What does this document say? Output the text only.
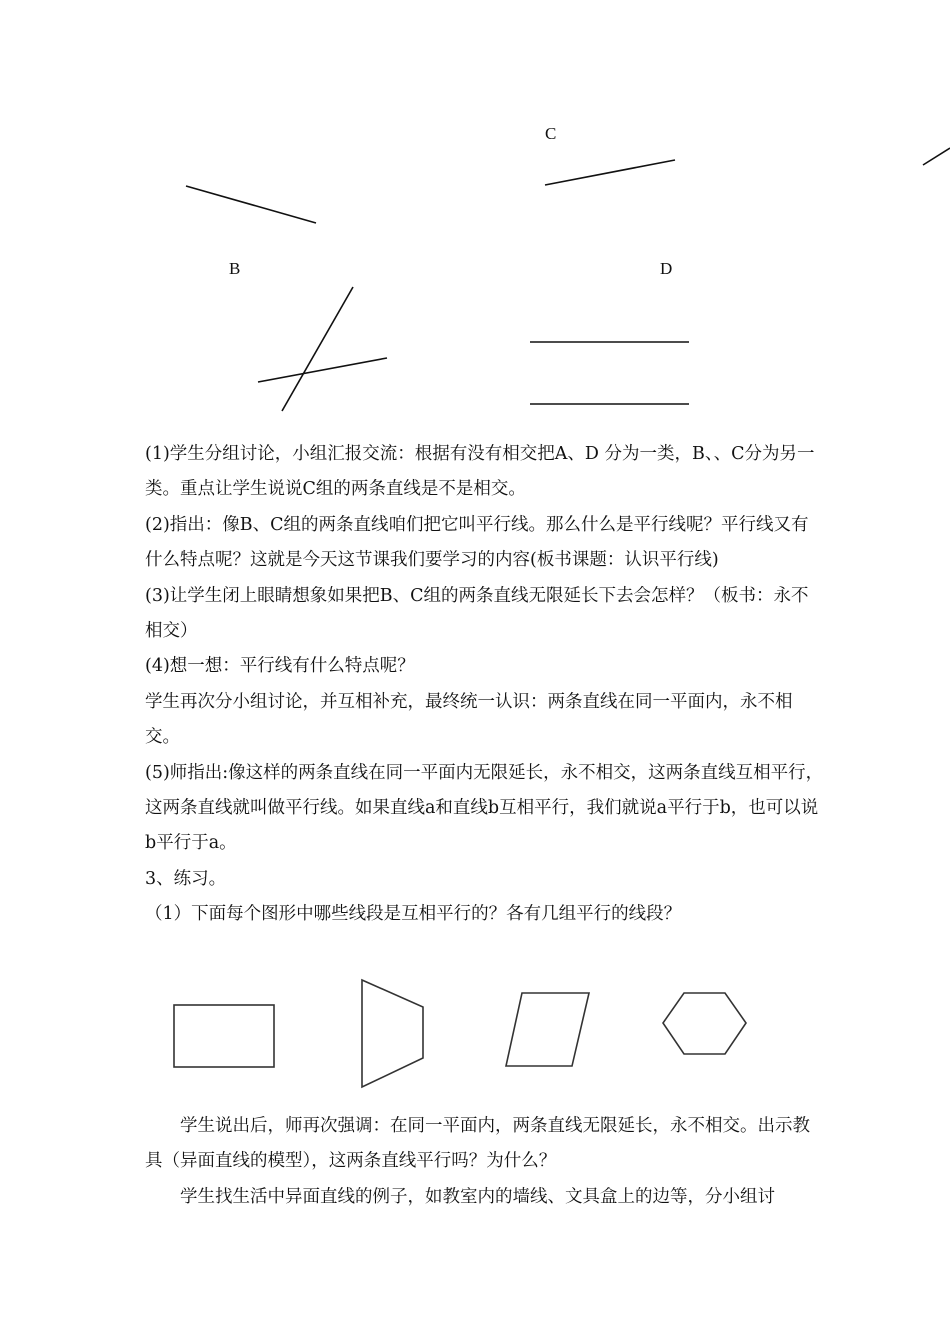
C
B	D

(1)学生分组讨论，小组汇报交流：根据有没有相交把A、D 分为一类，B、、C分为另一类。重点让学生说说C组的两条直线是不是相交。

(2)指出：像B、C组的两条直线咱们把它叫平行线。那么什么是平行线呢？平行线又有什么特点呢？这就是今天这节课我们要学习的内容(板书课题：认识平行线)

(3)让学生闭上眼睛想象如果把B、C组的两条直线无限延长下去会怎样？（板书：永不相交）

(4)想一想：平行线有什么特点呢？

学生再次分小组讨论，并互相补充，最终统一认识：两条直线在同一平面内，永不相交。

(5)师指出:像这样的两条直线在同一平面内无限延长，永不相交，这两条直线互相平行，这两条直线就叫做平行线。如果直线a和直线b互相平行，我们就说a平行于b，也可以说b平行于a。

3、练习。

（1）下面每个图形中哪些线段是互相平行的？各有几组平行的线段？

学生说出后，师再次强调：在同一平面内，两条直线无限延长，永不相交。出示教具（异面直线的模型），这两条直线平行吗？为什么？

学生找生活中异面直线的例子，如教室内的墙线、文具盒上的边等，分小组讨
